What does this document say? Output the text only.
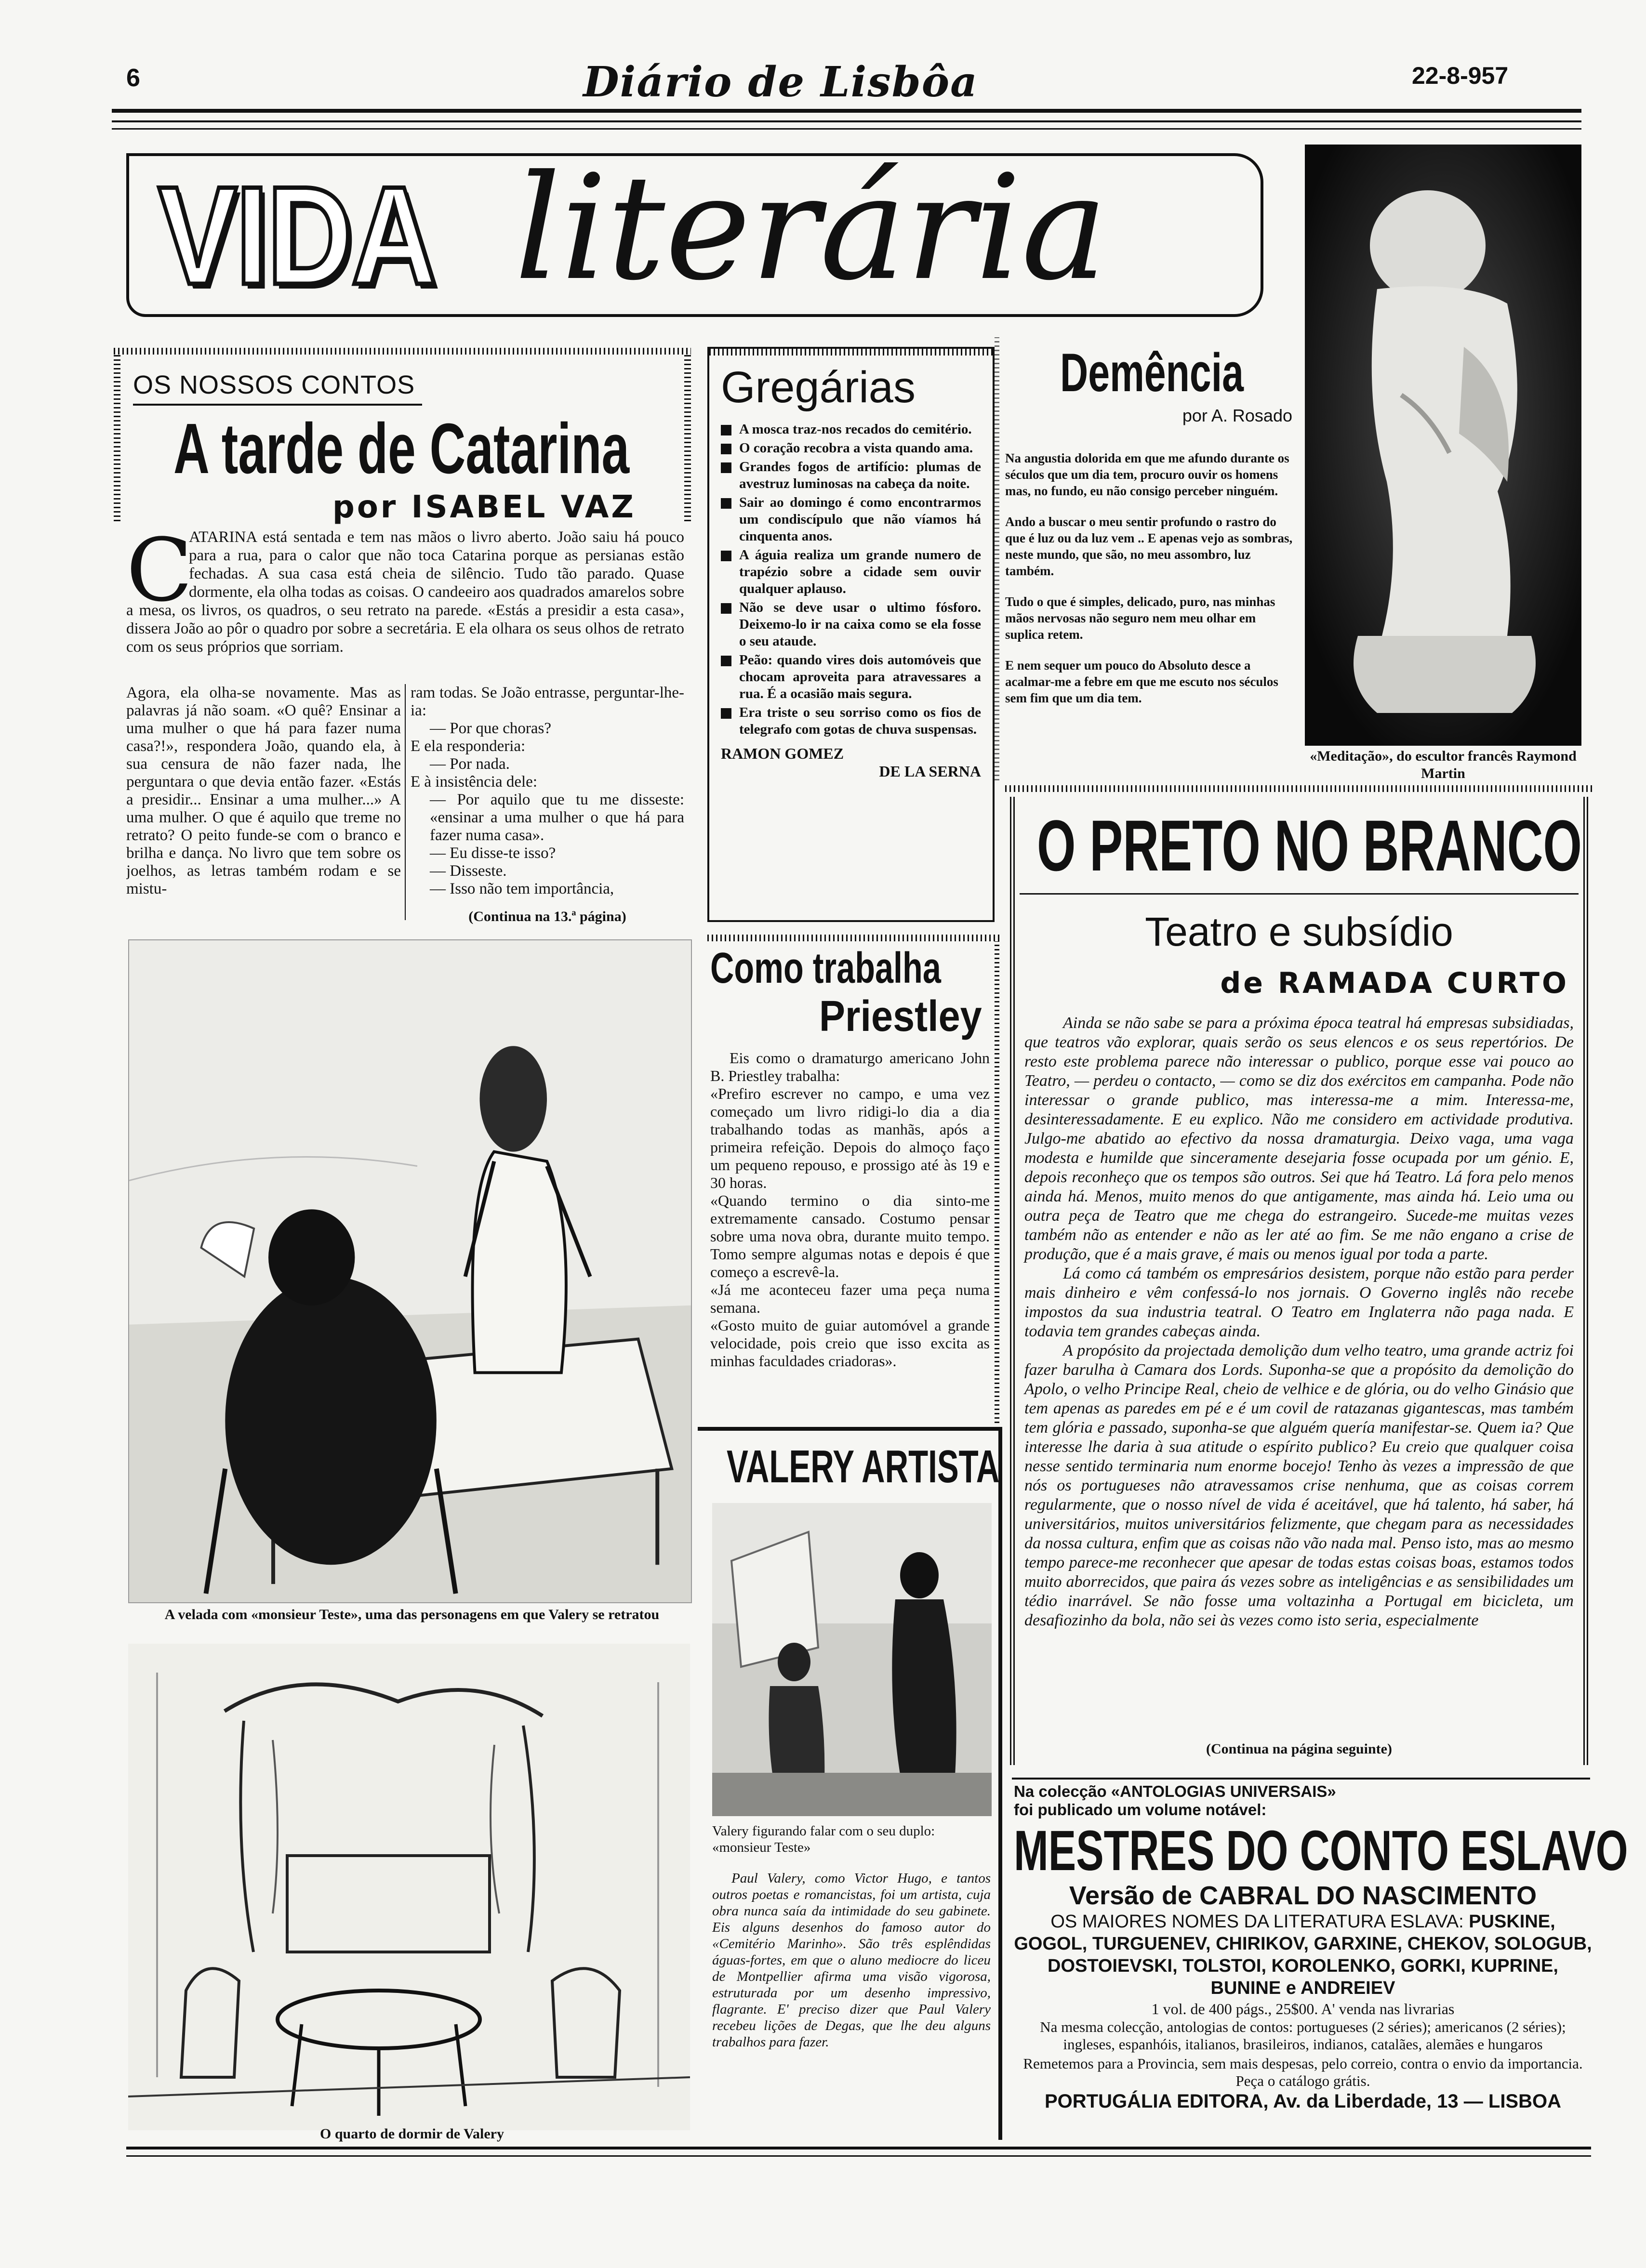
6	Diário de Lisbôa	22-8-957
VIDA literária
«Meditação», do escultor francês Raymond Martin
OS NOSSOS CONTOS
A tarde de Catarina
por ISABEL VAZ
C

ATARINA está sentada e tem nas mãos o livro aberto. João saiu há pouco para a rua, para o calor que não toca Catarina porque as persianas estão fechadas. A sua casa está cheia de silêncio. Tudo tão parado. Quase dormente, ela olha todas as coisas. O candeeiro aos quadrados amarelos sobre a mesa, os livros, os quadros, o seu retrato na parede. «Estás a presidir a esta casa», dissera João ao pôr o quadro por sobre a secretária. E ela olhara os seus olhos de retrato com os seus próprios que sorriam.

Agora, ela olha-se novamente. Mas as palavras já não soam. «O quê? Ensinar a uma mulher o que há para fazer numa casa?!», respondera João, quando ela, à sua censura de não fazer nada, lhe perguntara o que devia então fazer. «Estás a presidir... Ensinar a uma mulher...» A uma mulher. O que é aquilo que treme no retrato? O peito funde-se com o branco e brilha e dança. No livro que tem sobre os joelhos, as letras também rodam e se mistu-

ram todas. Se João entrasse, perguntar-lhe-ia:
— Por que choras?
E ela responderia:
— Por nada.
E à insistência dele:
— Por aquilo que tu me disseste: «ensinar a uma mulher o que há para fazer numa casa».
— Eu disse-te isso?
— Disseste.
— Isso não tem importância,
(Continua na 13.ª página)
Gregárias
A mosca traz-nos recados do cemitério.
O coração recobra a vista quando ama.
Grandes fogos de artifício: plumas de avestruz luminosas na cabeça da noite.
Sair ao domingo é como encontrarmos um condiscípulo que não víamos há cinquenta anos.
A águia realiza um grande numero de trapézio sobre a cidade sem ouvir qualquer aplauso.
Não se deve usar o ultimo fósforo. Deixemo-lo ir na caixa como se ela fosse o seu ataude.
Peão: quando vires dois automóveis que chocam aproveita para atravessares a rua. É a ocasião mais segura.
Era triste o seu sorriso como os fios de telegrafo com gotas de chuva suspensas.
RAMON GOMEZ
DE LA SERNA
Demência
por A. Rosado

Na angustia dolorida em que me afundo durante os séculos que um dia tem, procuro ouvir os homens mas, no fundo, eu não consigo perceber ninguém.

Ando a buscar o meu sentir profundo o rastro do que é luz ou da luz vem .. E apenas vejo as sombras, neste mundo, que são, no meu assombro, luz também.

Tudo o que é simples, delicado, puro, nas minhas mãos nervosas não seguro nem meu olhar em suplica retem.

E nem sequer um pouco do Absoluto desce a acalmar-me a febre em que me escuto nos séculos sem fim que um dia tem.

O PRETO NO BRANCO
Teatro e subsídio
de RAMADA CURTO

Ainda se não sabe se para a próxima época teatral há empresas subsidiadas, que teatros vão explorar, quais serão os seus elencos e os seus repertórios. De resto este problema parece não interessar o publico, porque esse vai pouco ao Teatro, — perdeu o contacto, — como se diz dos exércitos em campanha. Pode não interessar o grande publico, mas interessa-me a mim. Interessa-me, desinteressadamente. E eu explico. Não me considero em actividade produtiva. Julgo-me abatido ao efectivo da nossa dramaturgia. Deixo vaga, uma vaga modesta e humilde que sinceramente desejaria fosse ocupada por um génio. E, depois reconheço que os tempos são outros. Sei que há Teatro. Lá fora pelo menos ainda há. Menos, muito menos do que antigamente, mas ainda há. Leio uma ou outra peça de Teatro que me chega do estrangeiro. Sucede-me muitas vezes também não as entender e não as ler até ao fim. Se me não engano a crise de produção, que é a mais grave, é mais ou menos igual por toda a parte.

Lá como cá também os empresários desistem, porque não estão para perder mais dinheiro e vêm confessá-lo nos jornais. O Governo inglês não recebe impostos da sua industria teatral. O Teatro em Inglaterra não paga nada. E todavia tem grandes cabeças ainda.

A propósito da projectada demolição dum velho teatro, uma grande actriz foi fazer barulha à Camara dos Lords. Suponha-se que a propósito da demolição do Apolo, o velho Principe Real, cheio de velhice e de glória, ou do velho Ginásio que tem apenas as paredes em pé e é um covil de ratazanas gigantescas, mas também tem glória e passado, suponha-se que alguém quería manifestar-se. Quem ia? Que interesse lhe daria à sua atitude o espírito publico? Eu creio que qualquer coisa nesse sentido terminaria num enorme bocejo! Tenho às vezes a impressão de que nós os portugueses não atravessamos crise nenhuma, que as coisas correm regularmente, que o nosso nível de vida é aceitável, que há talento, há saber, há universitários, muitos universitários felizmente, que chegam para as necessidades da nossa cultura, enfim que as coisas não vão nada mal. Penso isto, mas ao mesmo tempo parece-me reconhecer que apesar de todas estas coisas boas, estamos todos muito aborrecidos, que paira ás vezes sobre as inteligências e as sensibilidades um tédio inarrável. Se não fosse uma voltazinha a Portugal em bicicleta, um desafiozinho da bola, não sei às vezes como isto seria, especialmente

(Continua na página seguinte)
A velada com «monsieur Teste», uma das personagens em que Valery se retratou
O quarto de dormir de Valery
Como trabalha
Priestley

Eis como o dramaturgo americano John B. Priestley trabalha:

«Prefiro escrever no campo, e uma vez começado um livro ridigi-lo dia a dia trabalhando todas as manhãs, após a primeira refeição. Depois do almoço faço um pequeno repouso, e prossigo até às 19 e 30 horas.

«Quando termino o dia sinto-me extremamente cansado. Costumo pensar sobre uma nova obra, durante muito tempo. Tomo sempre algumas notas e depois é que começo a escrevê-la.

«Já me aconteceu fazer uma peça numa semana.

«Gosto muito de guiar automóvel a grande velocidade, pois creio que isso excita as minhas faculdades criadoras».

VALERY ARTISTA
Valery figurando falar com o seu duplo: «monsieur Teste»

Paul Valery, como Victor Hugo, e tantos outros poetas e romancistas, foi um artista, cuja obra nunca saía da intimidade do seu gabinete. Eis alguns desenhos do famoso autor do «Cemitério Marinho». São três esplêndidas águas-fortes, em que o aluno mediocre do liceu de Montpellier afirma uma visão vigorosa, estruturada por um desenho impressivo, flagrante. E' preciso dizer que Paul Valery recebeu lições de Degas, que lhe deu alguns trabalhos para fazer.

Na colecção «ANTOLOGIAS UNIVERSAIS»
foi publicado um volume notável:
MESTRES DO CONTO ESLAVO
Versão de CABRAL DO NASCIMENTO
OS MAIORES NOMES DA LITERATURA ESLAVA: PUSKINE, GOGOL, TURGUENEV, CHIRIKOV, GARXINE, CHEKOV, SOLOGUB, DOSTOIEVSKI, TOLSTOI, KOROLENKO, GORKI, KUPRINE, BUNINE e ANDREIEV
1 vol. de 400 págs., 25$00. A' venda nas livrarias
Na mesma colecção, antologias de contos: portugueses (2 séries); americanos (2 séries); ingleses, espanhóis, italianos, brasileiros, indianos, catalães, alemães e hungaros
Remetemos para a Provincia, sem mais despesas, pelo correio, contra o envio da importancia. Peça o catálogo grátis.
PORTUGÁLIA EDITORA, Av. da Liberdade, 13 — LISBOA
